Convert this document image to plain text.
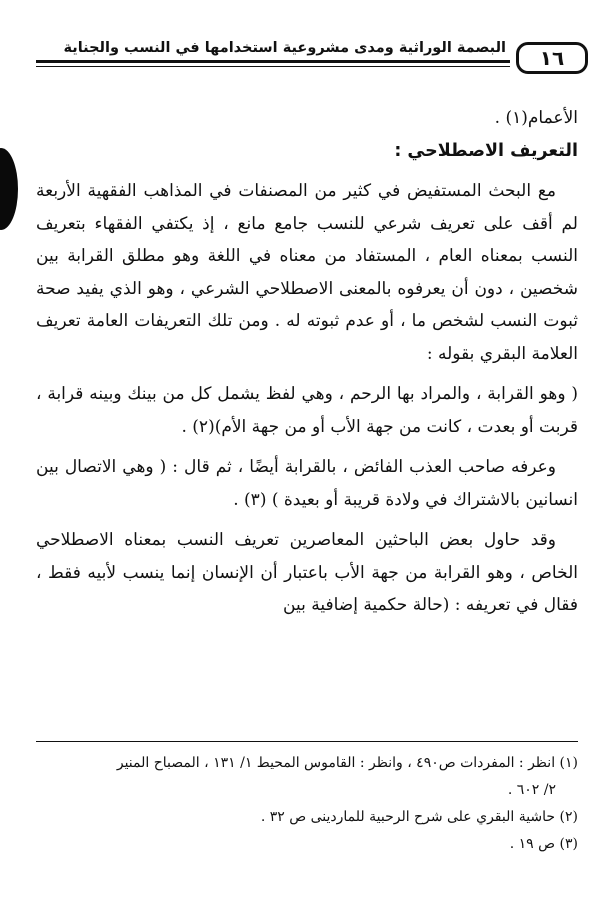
١٦
البصمة الوراثية ومدى مشروعية استخدامها في النسب والجناية

الأعمام(١) .

التعريف الاصطلاحي :

مع البحث المستفيض في كثير من المصنفات في المذاهب الفقهية الأربعة لم أقف على تعريف شرعي للنسب جامع مانع ، إذ يكتفي الفقهاء بتعريف النسب بمعناه العام ، المستفاد من معناه في اللغة وهو مطلق القرابة بين شخصين ، دون أن يعرفوه بالمعنى الاصطلاحي الشرعي ، وهو الذي يفيد صحة ثبوت النسب لشخص ما ، أو عدم ثبوته له . ومن تلك التعريفات العامة تعريف العلامة البقري بقوله :

( وهو القرابة ، والمراد بها الرحم ، وهي لفظ يشمل كل من بينك وبينه قرابة ، قربت أو بعدت ، كانت من جهة الأب أو من جهة الأم)(٢) .

وعرفه صاحب العذب الفائض ، بالقرابة أيضًا ، ثم قال : ( وهي الاتصال بين انسانين بالاشتراك في ولادة قريبة أو بعيدة ) (٣) .

وقد حاول بعض الباحثين المعاصرين تعريف النسب بمعناه الاصطلاحي الخاص ، وهو القرابة من جهة الأب باعتبار أن الإنسان إنما ينسب لأبيه فقط ، فقال في تعريفه : (حالة حكمية إضافية بين

(١) انظر : المفردات ص٤٩٠ ، وانظر : القاموس المحيط ١/ ١٣١ ، المصباح المنير

٢/ ٦٠٢ .

(٢) حاشية البقري على شرح الرحبية للماردينى ص ٣٢ .

(٣) ص ١٩ .
